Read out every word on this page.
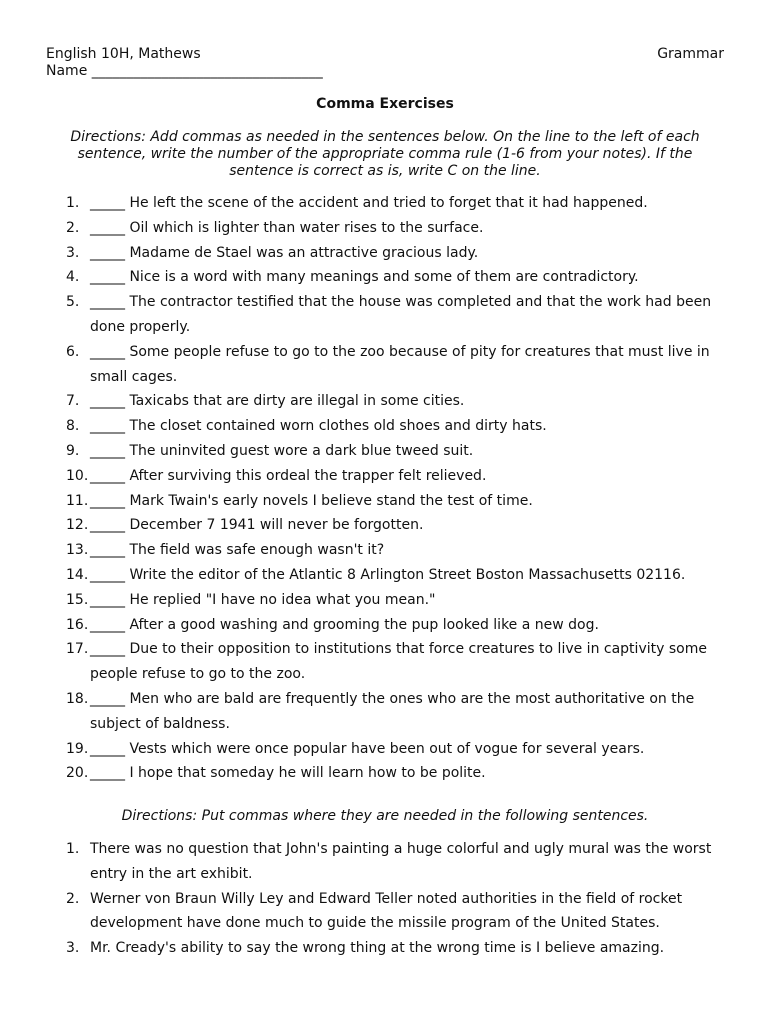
English 10H, Mathews	Grammar
Name _________________________________
Comma Exercises
Directions: Add commas as needed in the sentences below. On the line to the left of each sentence, write the number of the appropriate comma rule (1-6 from your notes). If the sentence is correct as is, write C on the line.
1. _____ He left the scene of the accident and tried to forget that it had happened.
2. _____ Oil which is lighter than water rises to the surface.
3. _____ Madame de Stael was an attractive gracious lady.
4. _____ Nice is a word with many meanings and some of them are contradictory.
5. _____ The contractor testified that the house was completed and that the work had been done properly.
6. _____ Some people refuse to go to the zoo because of pity for creatures that must live in small cages.
7. _____ Taxicabs that are dirty are illegal in some cities.
8. _____ The closet contained worn clothes old shoes and dirty hats.
9. _____ The uninvited guest wore a dark blue tweed suit.
10. _____ After surviving this ordeal the trapper felt relieved.
11. _____ Mark Twain's early novels I believe stand the test of time.
12. _____ December 7 1941 will never be forgotten.
13. _____ The field was safe enough wasn't it?
14. _____ Write the editor of the Atlantic 8 Arlington Street Boston Massachusetts 02116.
15. _____ He replied "I have no idea what you mean."
16. _____ After a good washing and grooming the pup looked like a new dog.
17. _____ Due to their opposition to institutions that force creatures to live in captivity some people refuse to go to the zoo.
18. _____ Men who are bald are frequently the ones who are the most authoritative on the subject of baldness.
19. _____ Vests which were once popular have been out of vogue for several years.
20. _____ I hope that someday he will learn how to be polite.
Directions: Put commas where they are needed in the following sentences.
1. There was no question that John's painting a huge colorful and ugly mural was the worst entry in the art exhibit.
2. Werner von Braun Willy Ley and Edward Teller noted authorities in the field of rocket development have done much to guide the missile program of the United States.
3. Mr. Cready's ability to say the wrong thing at the wrong time is I believe amazing.
